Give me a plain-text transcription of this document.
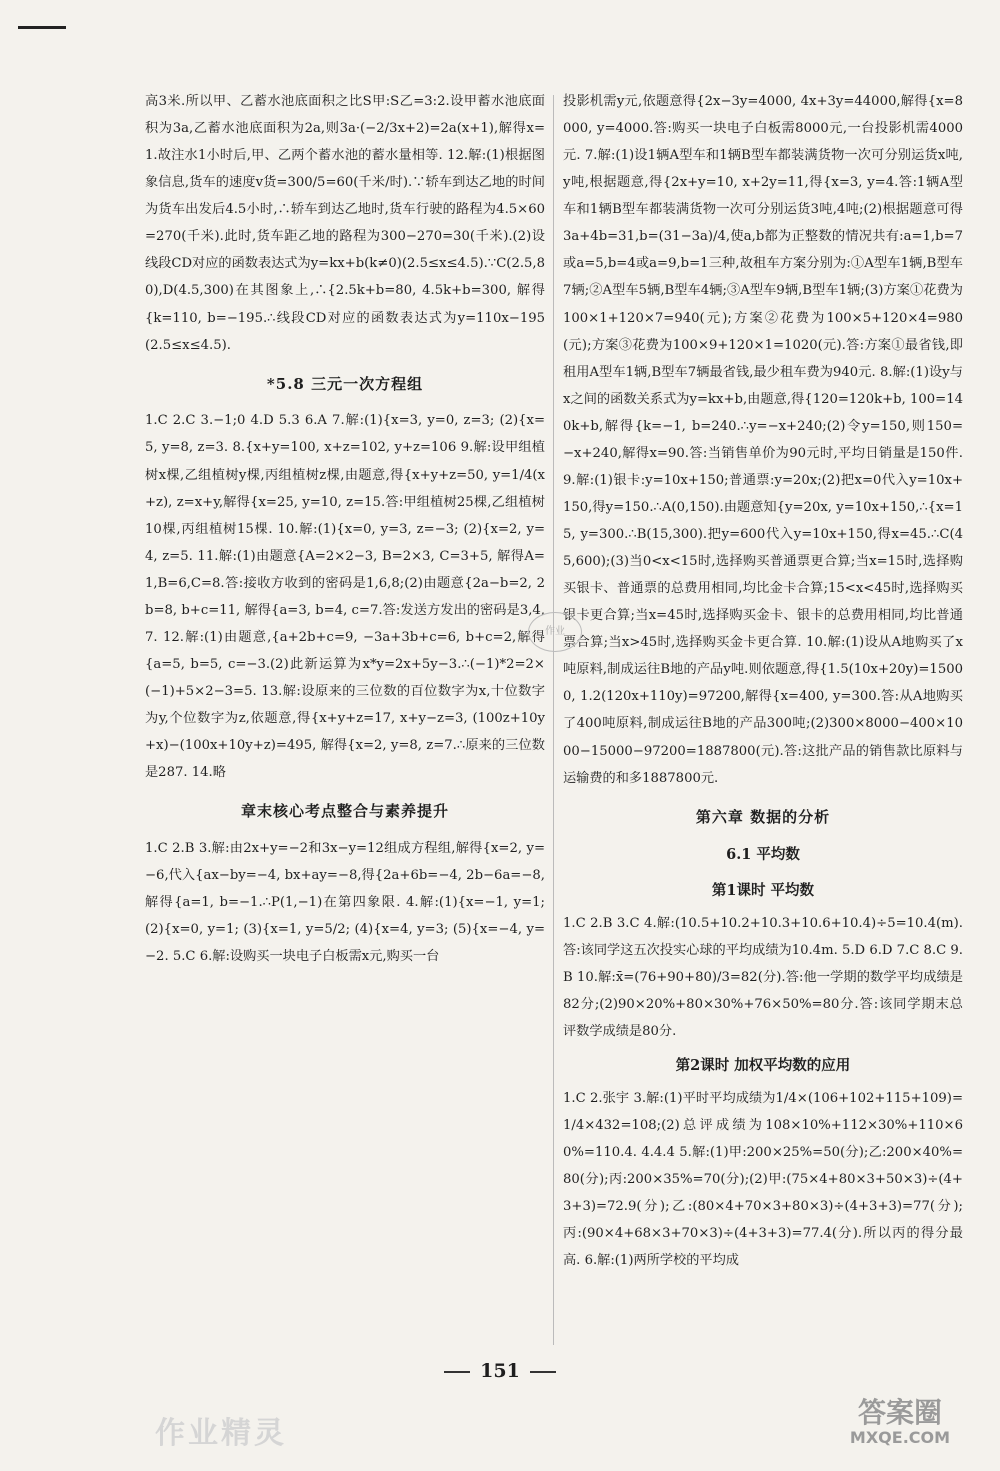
高3米.所以甲、乙蓄水池底面积之比S甲:S乙=3:2.设甲蓄水池底面积为3a,乙蓄水池底面积为2a,则3a·(−2/3x+2)=2a(x+1),解得x=1.故注水1小时后,甲、乙两个蓄水池的蓄水量相等. 12.解:(1)根据图象信息,货车的速度v货=300/5=60(千米/时).∵轿车到达乙地的时间为货车出发后4.5小时,∴轿车到达乙地时,货车行驶的路程为4.5×60=270(千米).此时,货车距乙地的路程为300−270=30(千米).(2)设线段CD对应的函数表达式为y=kx+b(k≠0)(2.5≤x≤4.5).∵C(2.5,80),D(4.5,300)在其图象上,∴{2.5k+b=80, 4.5k+b=300, 解得{k=110, b=−195.∴线段CD对应的函数表达式为y=110x−195(2.5≤x≤4.5).

*5.8 三元一次方程组

1.C 2.C 3.−1;0 4.D 5.3 6.A 7.解:(1){x=3, y=0, z=3; (2){x=5, y=8, z=3. 8.{x+y=100, x+z=102, y+z=106 9.解:设甲组植树x棵,乙组植树y棵,丙组植树z棵,由题意,得{x+y+z=50, y=1/4(x+z), z=x+y,解得{x=25, y=10, z=15.答:甲组植树25棵,乙组植树10棵,丙组植树15棵. 10.解:(1){x=0, y=3, z=−3; (2){x=2, y=4, z=5. 11.解:(1)由题意{A=2×2−3, B=2×3, C=3+5, 解得A=1,B=6,C=8.答:接收方收到的密码是1,6,8;(2)由题意{2a−b=2, 2b=8, b+c=11, 解得{a=3, b=4, c=7.答:发送方发出的密码是3,4,7. 12.解:(1)由题意,{a+2b+c=9, −3a+3b+c=6, b+c=2,解得{a=5, b=5, c=−3.(2)此新运算为x*y=2x+5y−3.∴(−1)*2=2×(−1)+5×2−3=5. 13.解:设原来的三位数的百位数字为x,十位数字为y,个位数字为z,依题意,得{x+y+z=17, x+y−z=3, (100z+10y+x)−(100x+10y+z)=495, 解得{x=2, y=8, z=7.∴原来的三位数是287. 14.略

章末核心考点整合与素养提升

1.C 2.B 3.解:由2x+y=−2和3x−y=12组成方程组,解得{x=2, y=−6,代入{ax−by=−4, bx+ay=−8,得{2a+6b=−4, 2b−6a=−8,解得{a=1, b=−1.∴P(1,−1)在第四象限. 4.解:(1){x=−1, y=1; (2){x=0, y=1; (3){x=1, y=5/2; (4){x=4, y=3; (5){x=−4, y=−2. 5.C 6.解:设购买一块电子白板需x元,购买一台

投影机需y元,依题意得{2x−3y=4000, 4x+3y=44000,解得{x=8000, y=4000.答:购买一块电子白板需8000元,一台投影机需4000元. 7.解:(1)设1辆A型车和1辆B型车都装满货物一次可分别运货x吨,y吨,根据题意,得{2x+y=10, x+2y=11,得{x=3, y=4.答:1辆A型车和1辆B型车都装满货物一次可分别运货3吨,4吨;(2)根据题意可得3a+4b=31,b=(31−3a)/4,使a,b都为正整数的情况共有:a=1,b=7或a=5,b=4或a=9,b=1三种,故租车方案分别为:①A型车1辆,B型车7辆;②A型车5辆,B型车4辆;③A型车9辆,B型车1辆;(3)方案①花费为100×1+120×7=940(元);方案②花费为100×5+120×4=980(元);方案③花费为100×9+120×1=1020(元).答:方案①最省钱,即租用A型车1辆,B型车7辆最省钱,最少租车费为940元. 8.解:(1)设y与x之间的函数关系式为y=kx+b,由题意,得{120=120k+b, 100=140k+b,解得{k=−1, b=240.∴y=−x+240;(2)令y=150,则150=−x+240,解得x=90.答:当销售单价为90元时,平均日销量是150件. 9.解:(1)银卡:y=10x+150;普通票:y=20x;(2)把x=0代入y=10x+150,得y=150.∴A(0,150).由题意知{y=20x, y=10x+150,∴{x=15, y=300.∴B(15,300).把y=600代入y=10x+150,得x=45.∴C(45,600);(3)当0<x<15时,选择购买普通票更合算;当x=15时,选择购买银卡、普通票的总费用相同,均比金卡合算;15<x<45时,选择购买银卡更合算;当x=45时,选择购买金卡、银卡的总费用相同,均比普通票合算;当x>45时,选择购买金卡更合算. 10.解:(1)设从A地购买了x吨原料,制成运往B地的产品y吨.则依题意,得{1.5(10x+20y)=15000, 1.2(120x+110y)=97200,解得{x=400, y=300.答:从A地购买了400吨原料,制成运往B地的产品300吨;(2)300×8000−400×1000−15000−97200=1887800(元).答:这批产品的销售款比原料与运输费的和多1887800元.

第六章 数据的分析
6.1 平均数
第1课时 平均数

1.C 2.B 3.C 4.解:(10.5+10.2+10.3+10.6+10.4)÷5=10.4(m).答:该同学这五次投实心球的平均成绩为10.4m. 5.D 6.D 7.C 8.C 9.B 10.解:x̄=(76+90+80)/3=82(分).答:他一学期的数学平均成绩是82分;(2)90×20%+80×30%+76×50%=80分.答:该同学期末总评数学成绩是80分.

第2课时 加权平均数的应用

1.C 2.张宇 3.解:(1)平时平均成绩为1/4×(106+102+115+109)=1/4×432=108;(2)总评成绩为108×10%+112×30%+110×60%=110.4. 4.4.4 5.解:(1)甲:200×25%=50(分);乙:200×40%=80(分);丙:200×35%=70(分);(2)甲:(75×4+80×3+50×3)÷(4+3+3)=72.9(分);乙:(80×4+70×3+80×3)÷(4+3+3)=77(分);丙:(90×4+68×3+70×3)÷(4+3+3)=77.4(分).所以丙的得分最高. 6.解:(1)两所学校的平均成

作业
151
作业精灵
答案圈
MXQE.COM
